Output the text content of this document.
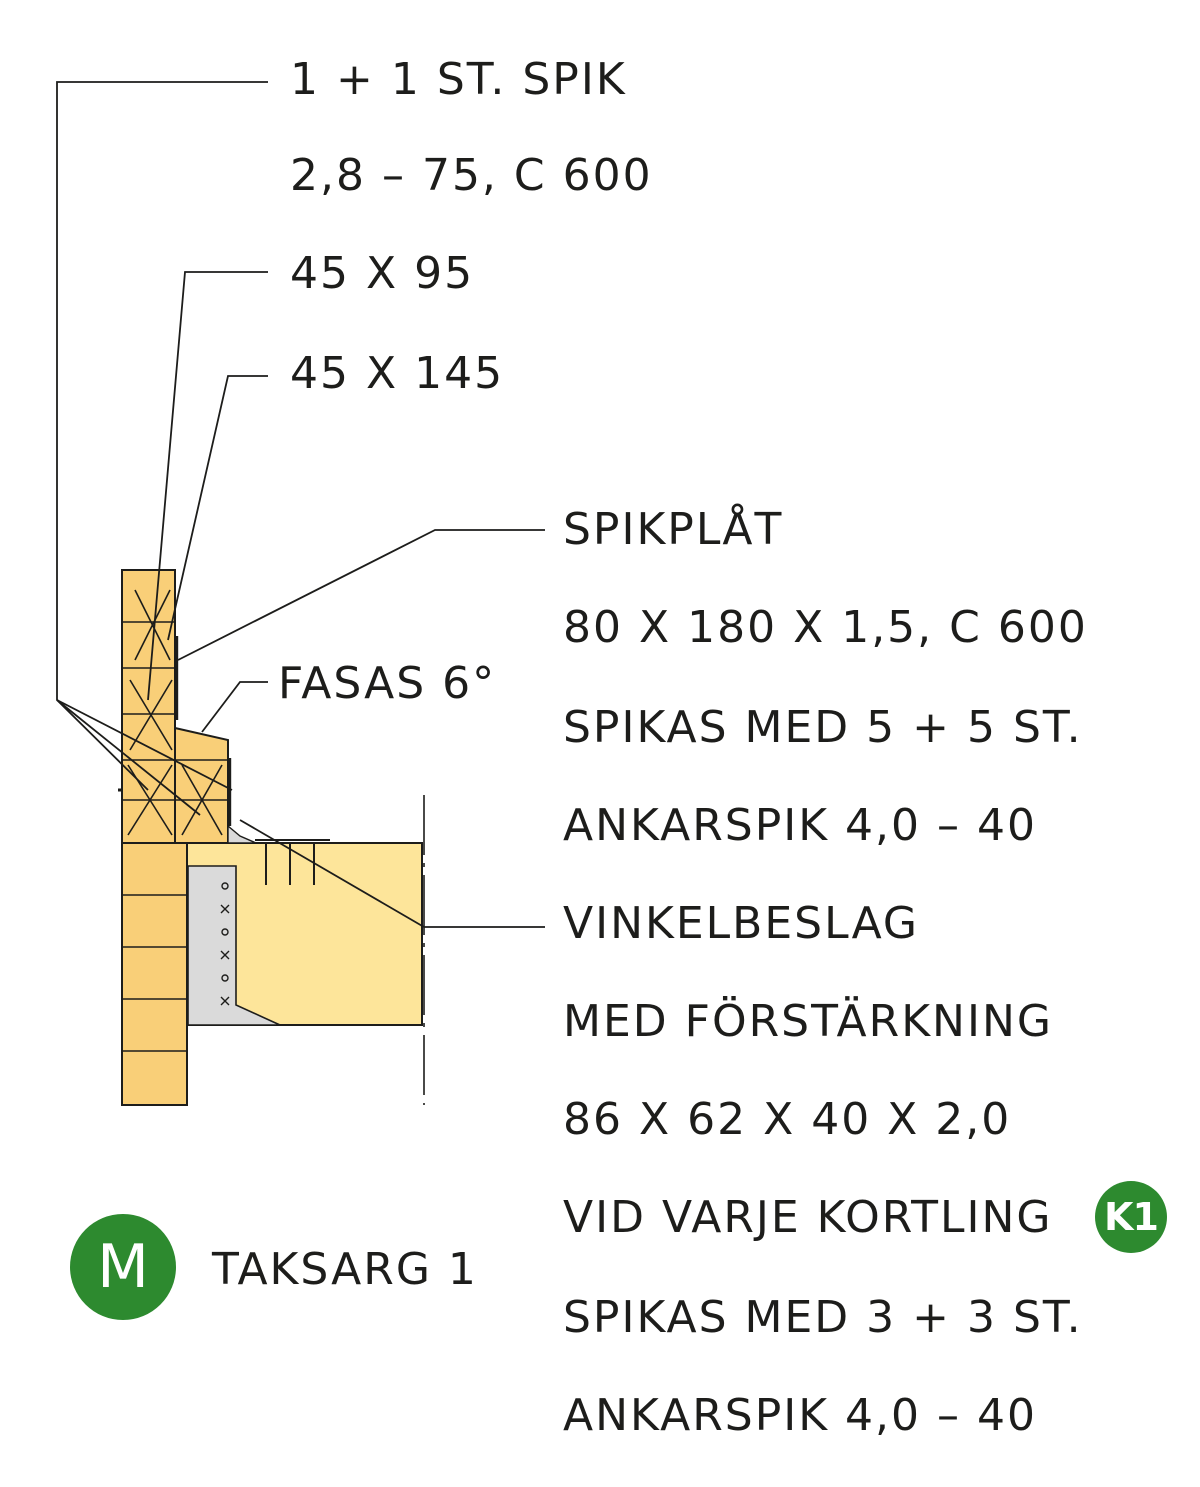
1 + 1 ST. SPIK
2,8 – 75, C 600
45 X 95
45 X 145
SPIKPLÅT
80 X 180 X 1,5, C 600
SPIKAS MED 5 + 5 ST.
ANKARSPIK 4,0 – 40
FASAS 6°
VINKELBESLAG
MED FÖRSTÄRKNING
86 X 62 X 40 X 2,0
VID VARJE KORTLING
SPIKAS MED 3 + 3 ST.
ANKARSPIK 4,0 – 40
K1
M	TAKSARG 1
